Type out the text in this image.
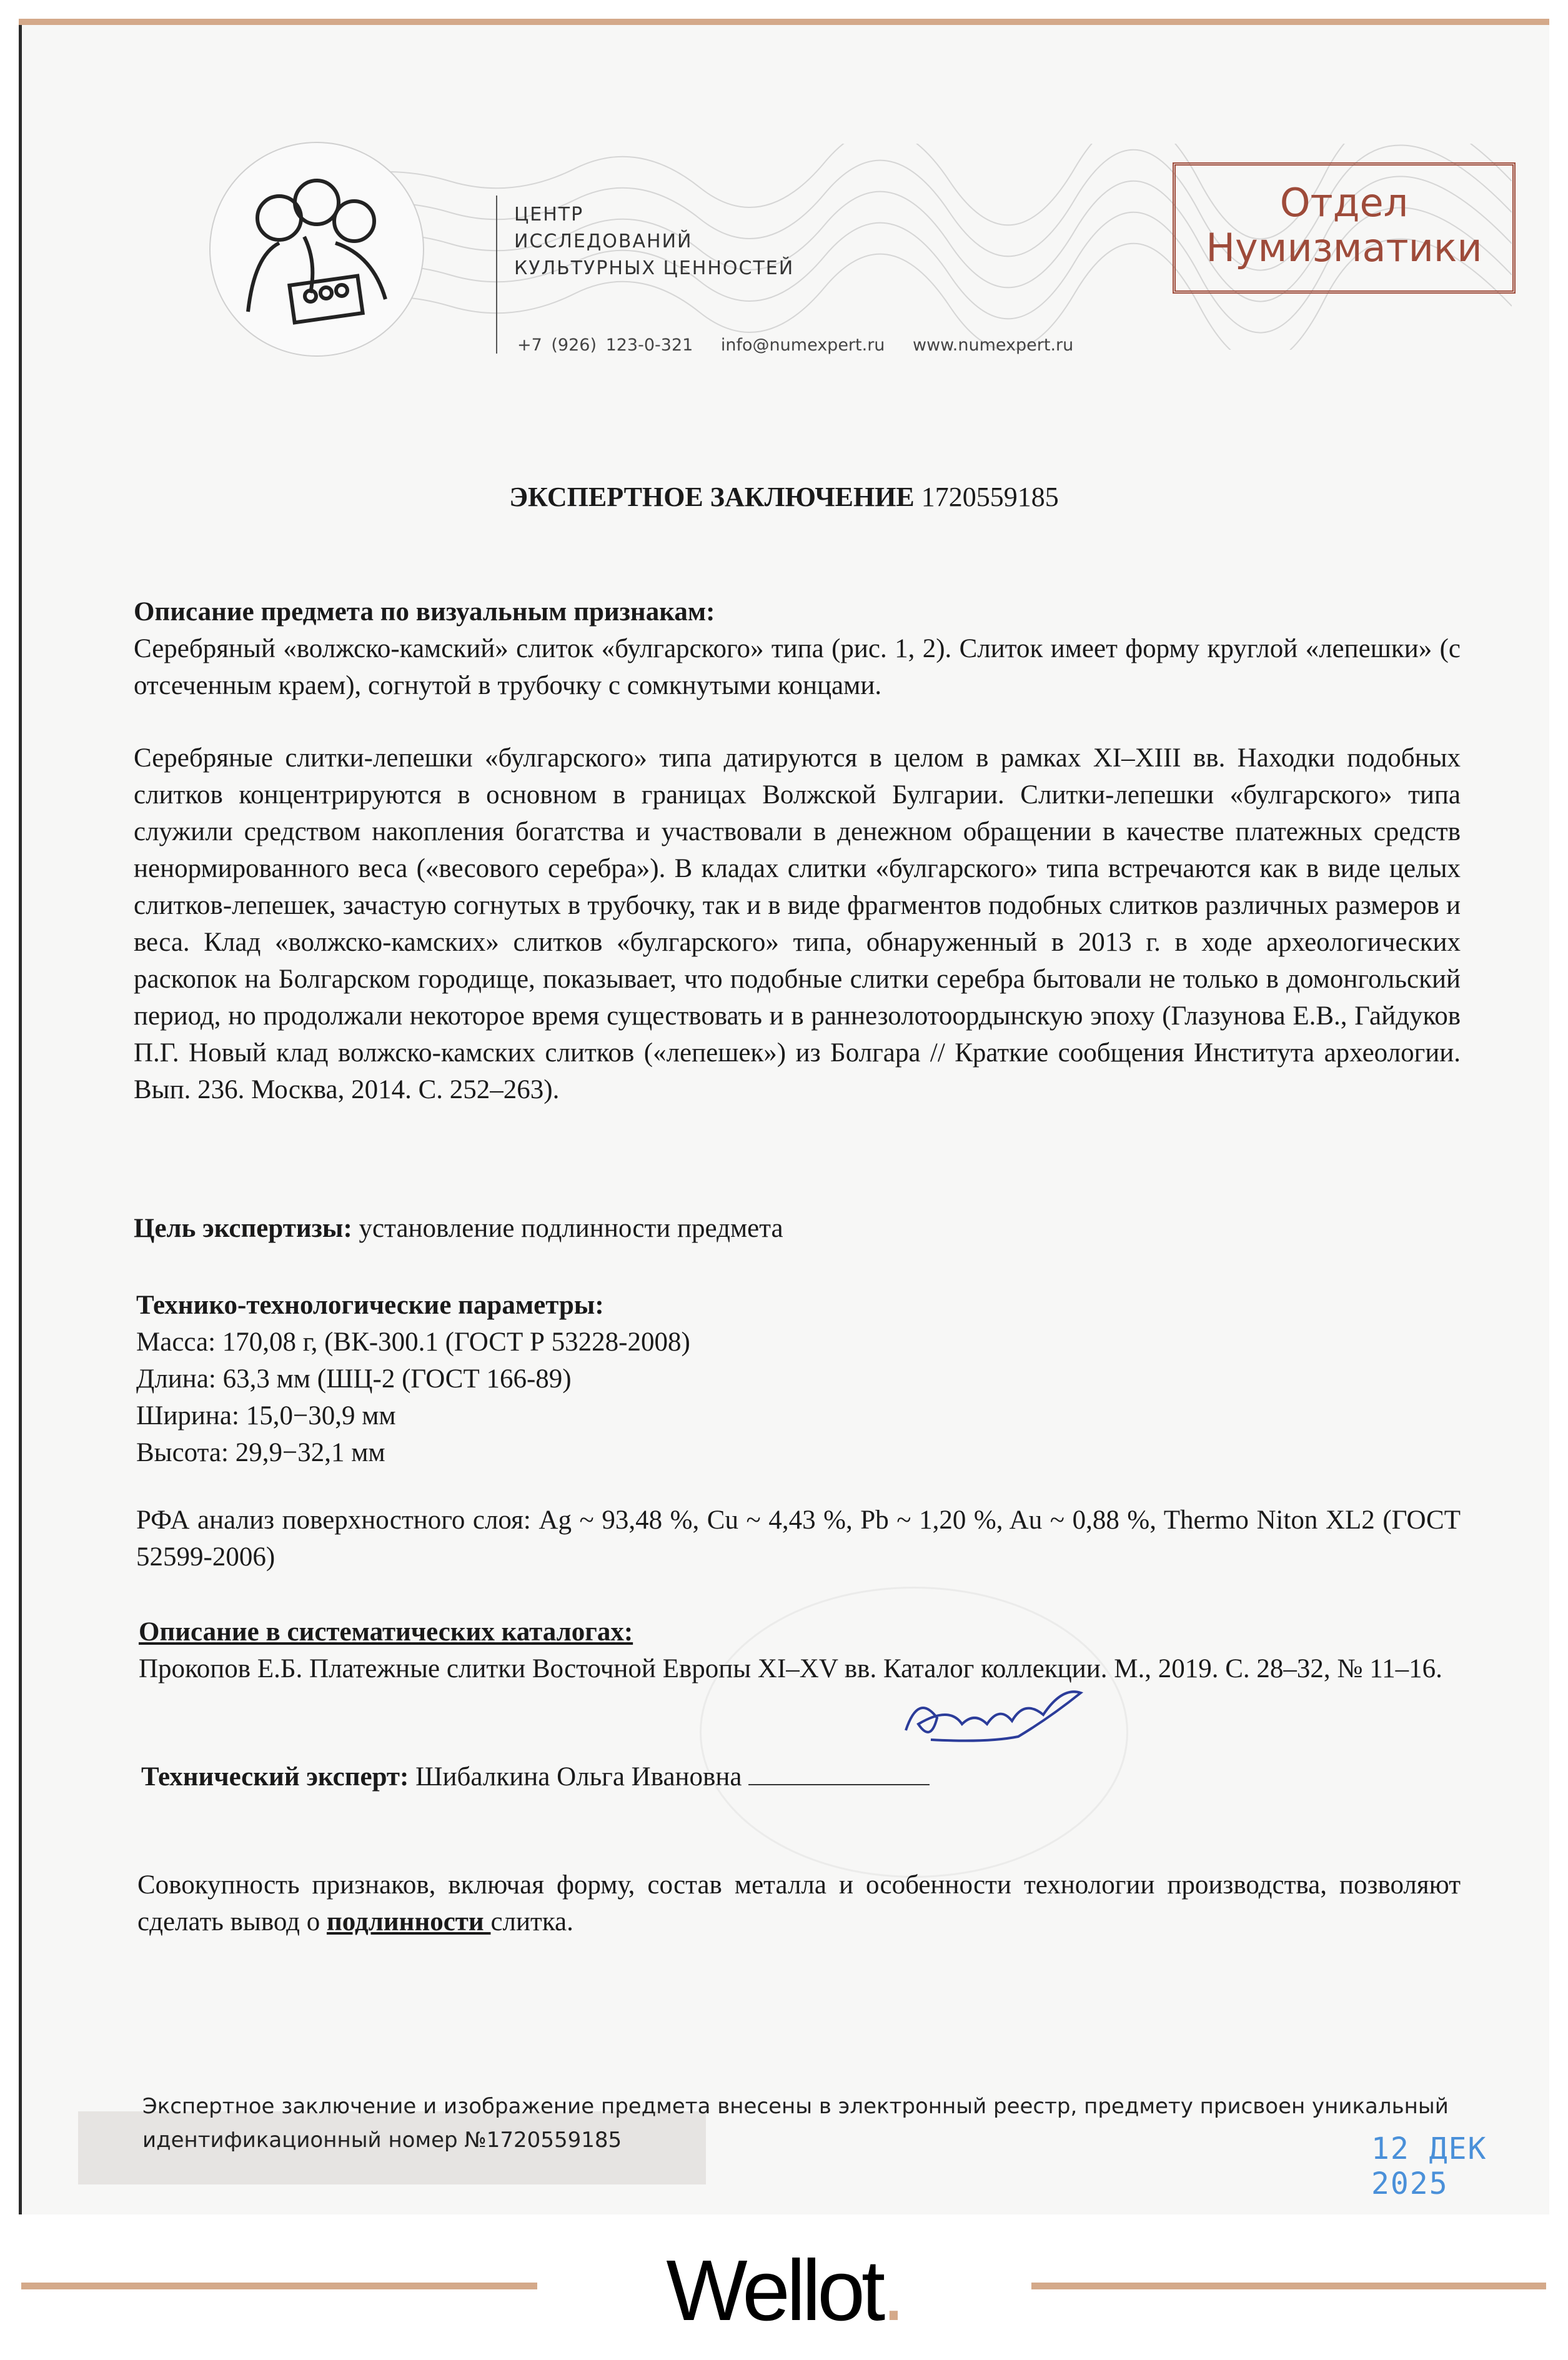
ЦЕНТР
ИССЛЕДОВАНИЙ
КУЛЬТУРНЫХ ЦЕННОСТЕЙ
+7 (926) 123-0-321 info@numexpert.ru www.numexpert.ru
Отдел
Нумизматики
ЭКСПЕРТНОЕ ЗАКЛЮЧЕНИЕ 1720559185
Описание предмета по визуальным признакам:
Серебряный «волжско-камский» слиток «булгарского» типа (рис. 1, 2). Слиток имеет форму круглой «лепешки» (с отсеченным краем), согнутой в трубочку с сомкнутыми концами.
Серебряные слитки-лепешки «булгарского» типа датируются в целом в рамках XI–XIII вв. Находки подобных слитков концентрируются в основном в границах Волжской Булгарии. Слитки-лепешки «булгарского» типа служили средством накопления богатства и участвовали в денежном обращении в качестве платежных средств ненормированного веса («весового серебра»). В кладах слитки «булгарского» типа встречаются как в виде целых слитков-лепешек, зачастую согнутых в трубочку, так и в виде фрагментов подобных слитков различных размеров и веса. Клад «волжско-камских» слитков «булгарского» типа, обнаруженный в 2013 г. в ходе археологических раскопок на Болгарском городище, показывает, что подобные слитки серебра бытовали не только в домонгольский период, но продолжали некоторое время существовать и в раннезолотоордынскую эпоху (Глазунова Е.В., Гайдуков П.Г. Новый клад волжско-камских слитков («лепешек») из Болгара // Краткие сообщения Института археологии. Вып. 236. Москва, 2014. С. 252–263).
Цель экспертизы: установление подлинности предмета
Технико-технологические параметры:
Масса: 170,08 г, (ВК-300.1 (ГОСТ Р 53228-2008)
Длина: 63,3 мм (ШЦ-2 (ГОСТ 166-89)
Ширина: 15,0−30,9 мм
Высота: 29,9−32,1 мм
РФА анализ поверхностного слоя: Ag ~ 93,48 %, Cu ~ 4,43 %, Pb ~ 1,20 %, Au ~ 0,88 %, Thermo Niton XL2 (ГОСТ 52599-2006)
Описание в систематических каталогах:
Прокопов Е.Б. Платежные слитки Восточной Европы XI–XV вв. Каталог коллекции. М., 2019. С. 28–32, № 11–16.
Технический эксперт: Шибалкина Ольга Ивановна
Совокупность признаков, включая форму, состав металла и особенности технологии производства, позволяют сделать вывод о подлинности слитка.
Экспертное заключение и изображение предмета внесены в электронный реестр, предмету присвоен уникальный
идентификационный номер №1720559185	12 ДЕК 2025
Wellot.
